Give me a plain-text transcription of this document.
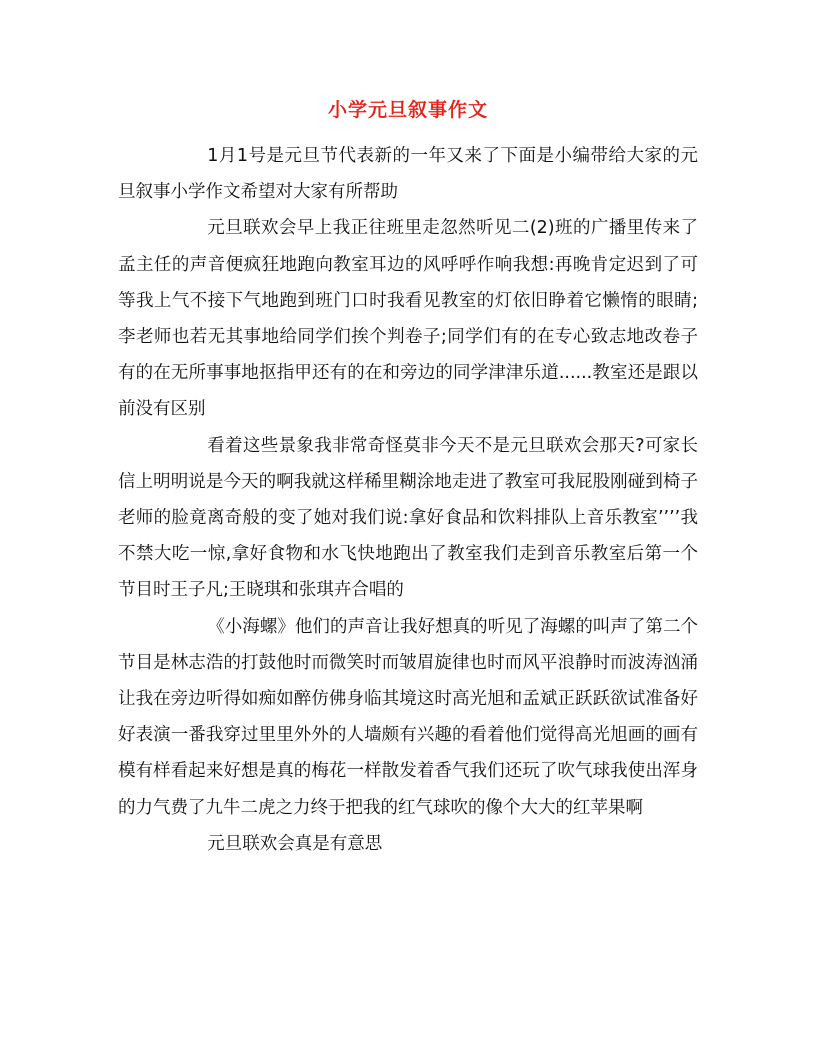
小学元旦叙事作文

1月1号是元旦节代表新的一年又来了下面是小编带给大家的元旦叙事小学作文希望对大家有所帮助

元旦联欢会早上我正往班里走忽然听见二(2)班的广播里传来了孟主任的声音便疯狂地跑向教室耳边的风呼呼作响我想:再晚肯定迟到了可等我上气不接下气地跑到班门口时我看见教室的灯依旧睁着它懒惰的眼睛;李老师也若无其事地给同学们挨个判卷子;同学们有的在专心致志地改卷子有的在无所事事地抠指甲还有的在和旁边的同学津津乐道......教室还是跟以前没有区别

看着这些景象我非常奇怪莫非今天不是元旦联欢会那天?可家长信上明明说是今天的啊我就这样稀里糊涂地走进了教室可我屁股刚碰到椅子老师的脸竟离奇般的变了她对我们说:拿好食品和饮料排队上音乐教室’’’’我不禁大吃一惊,拿好食物和水飞快地跑出了教室我们走到音乐教室后第一个节目时王子凡;王晓琪和张琪卉合唱的

《小海螺》他们的声音让我好想真的听见了海螺的叫声了第二个节目是林志浩的打鼓他时而微笑时而皱眉旋律也时而风平浪静时而波涛汹涌让我在旁边听得如痴如醉仿佛身临其境这时高光旭和孟斌正跃跃欲试准备好好表演一番我穿过里里外外的人墙颇有兴趣的看着他们觉得高光旭画的画有模有样看起来好想是真的梅花一样散发着香气我们还玩了吹气球我使出浑身的力气费了九牛二虎之力终于把我的红气球吹的像个大大的红苹果啊

元旦联欢会真是有意思
